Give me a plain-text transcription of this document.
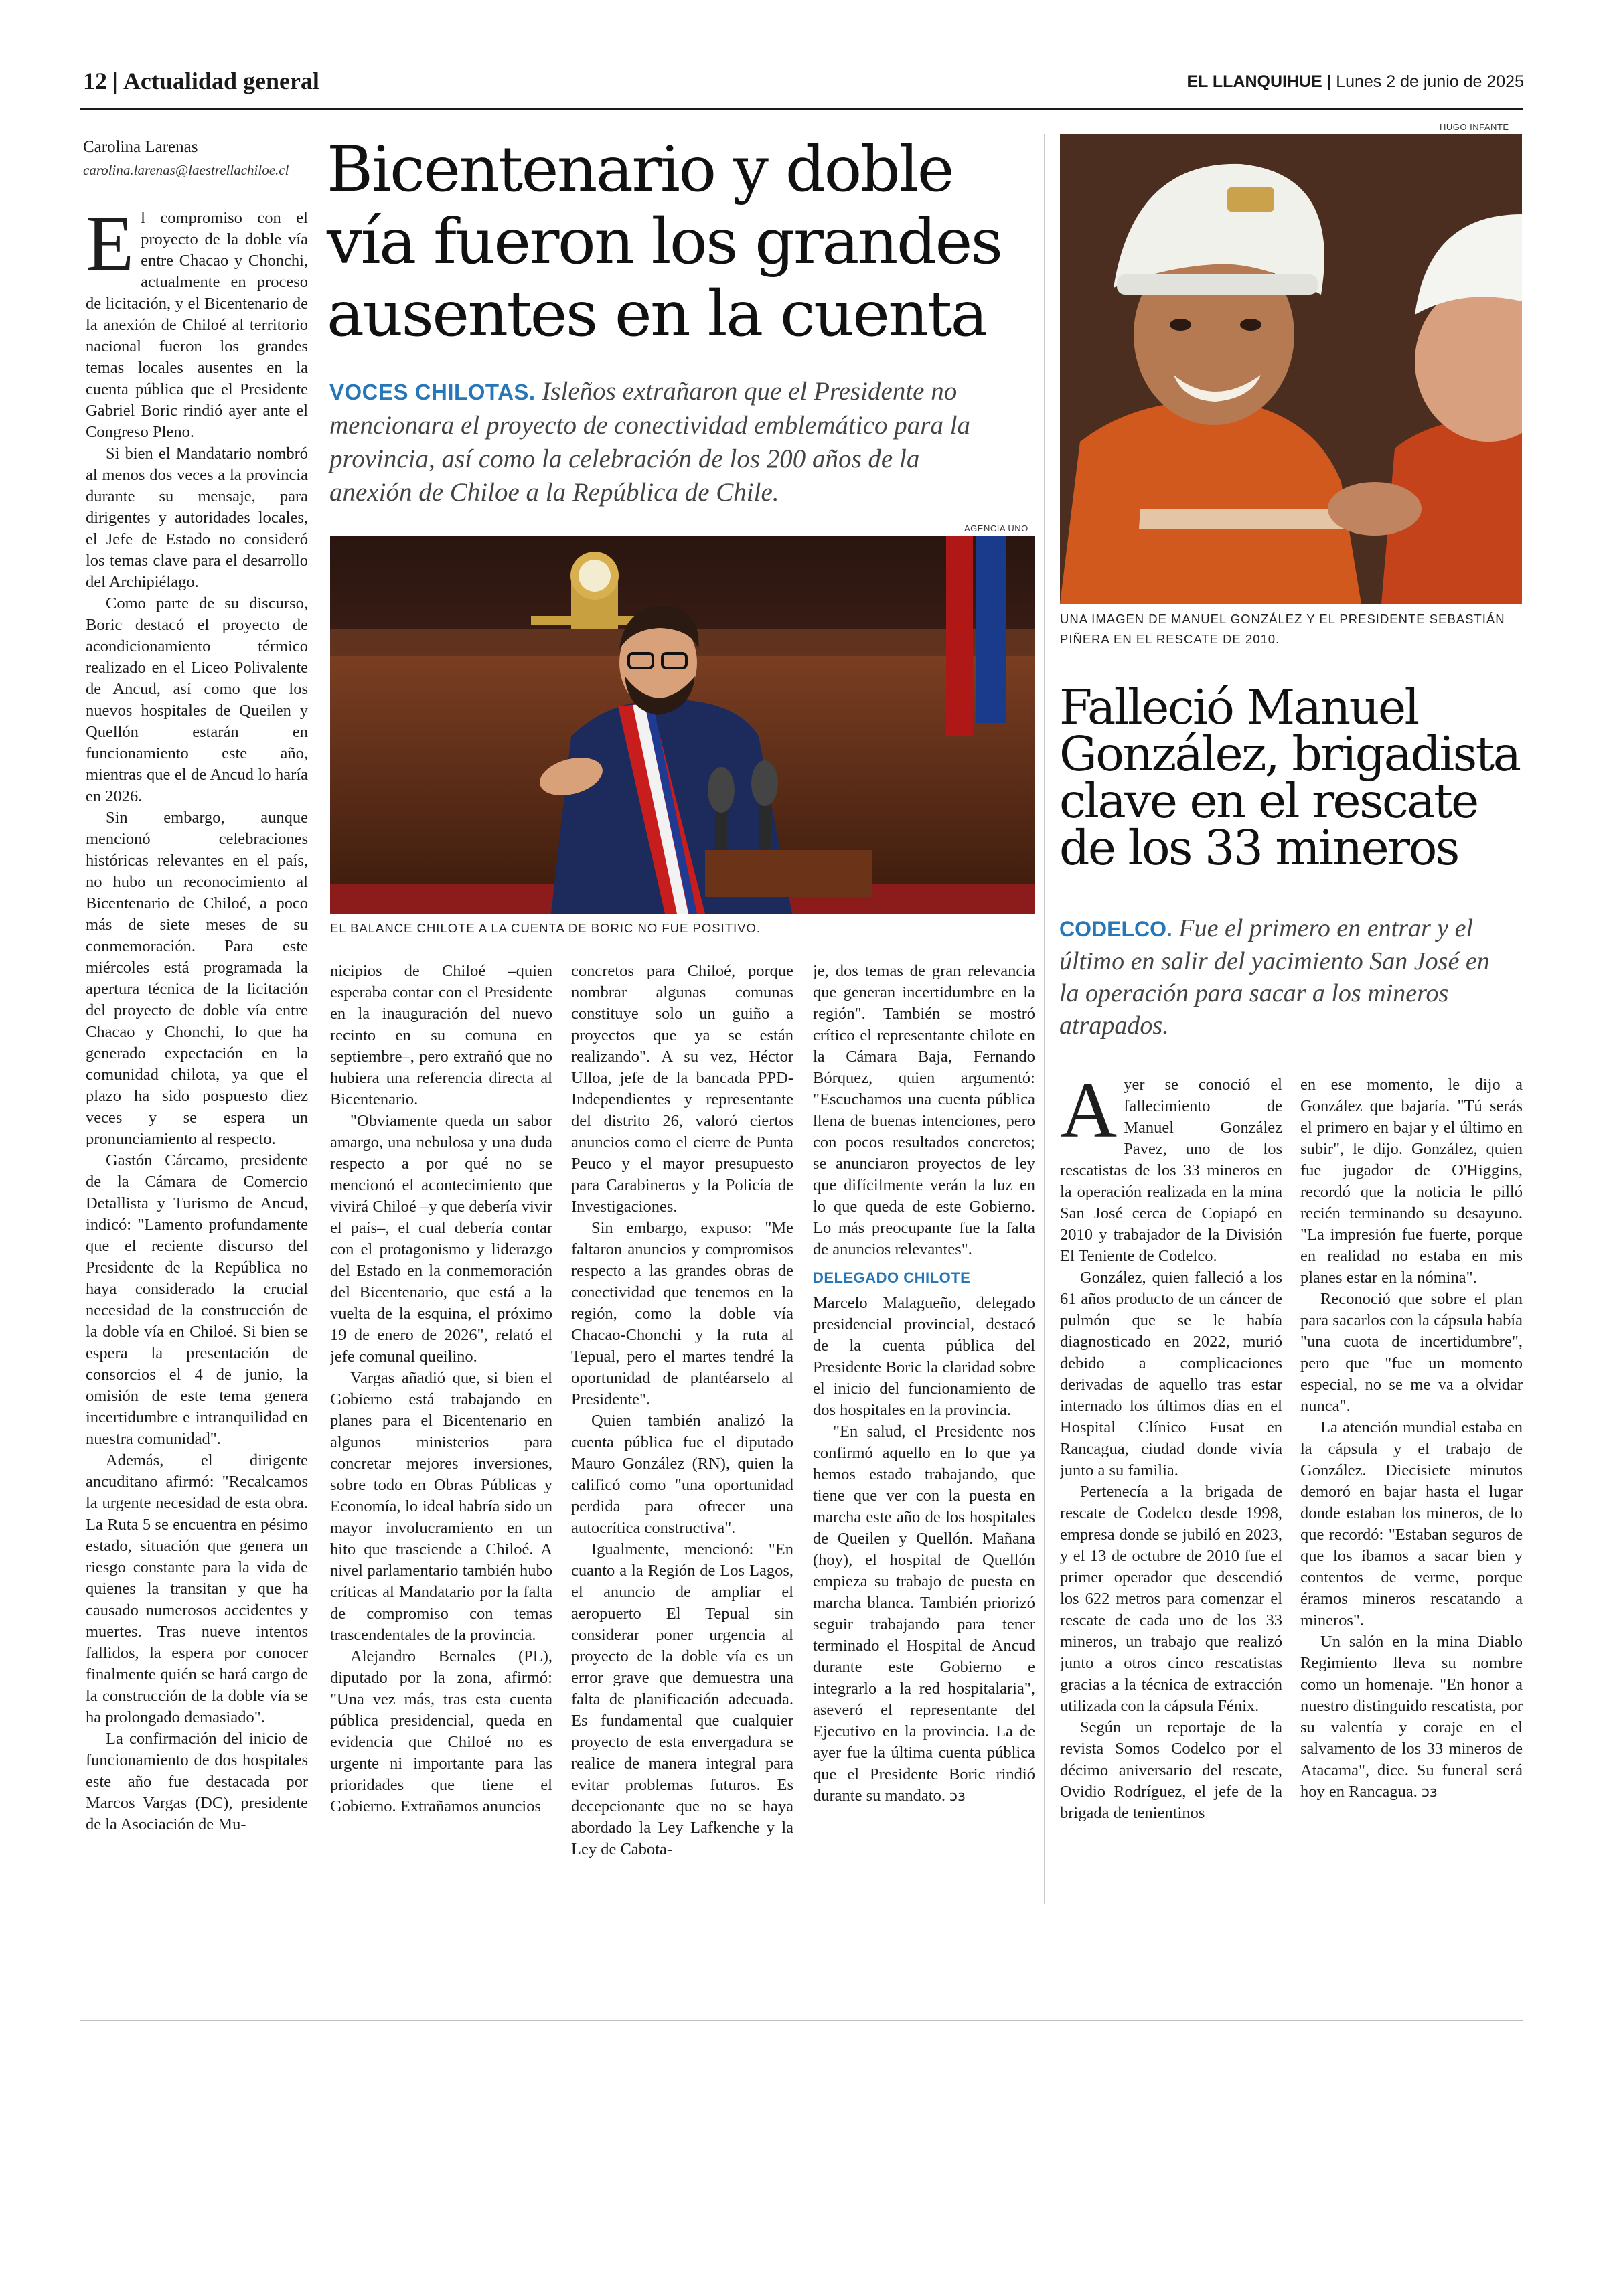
12 | Actualidad general	EL LLANQUIHUE | Lunes 2 de junio de 2025
Carolina Larenas
carolina.larenas@laestrellachiloe.cl Bicentenario y doble vía fueron los grandes ausentes en la cuenta
VOCES CHILOTAS. Isleños extrañaron que el Presidente no mencionara el proyecto de conectividad emblemático para la provincia, así como la celebración de los 200 años de la anexión de Chiloe a la República de Chile.
AGENCIA UNO
EL BALANCE CHILOTE A LA CUENTA DE BORIC NO FUE POSITIVO.

El compromiso con el proyecto de la doble vía entre Chacao y Chonchi, actualmente en proceso de licitación, y el Bicentenario de la anexión de Chiloé al territorio nacional fueron los grandes temas locales ausentes en la cuenta pública que el Presidente Gabriel Boric rindió ayer ante el Congreso Pleno.

Si bien el Mandatario nombró al menos dos veces a la provincia durante su mensaje, para dirigentes y autoridades locales, el Jefe de Estado no consideró los temas clave para el desarrollo del Archipiélago.

Como parte de su discurso, Boric destacó el proyecto de acondicionamiento térmico realizado en el Liceo Polivalente de Ancud, así como que los nuevos hospitales de Queilen y Quellón estarán en funcionamiento este año, mientras que el de Ancud lo haría en 2026.

Sin embargo, aunque mencionó celebraciones históricas relevantes en el país, no hubo un reconocimiento al Bicentenario de Chiloé, a poco más de siete meses de su conmemoración. Para este miércoles está programada la apertura técnica de la licitación del proyecto de doble vía entre Chacao y Chonchi, lo que ha generado expectación en la comunidad chilota, ya que el plazo ha sido pospuesto diez veces y se espera un pronunciamiento al respecto.

Gastón Cárcamo, presidente de la Cámara de Comercio Detallista y Turismo de Ancud, indicó: "Lamento profundamente que el reciente discurso del Presidente de la República no haya considerado la crucial necesidad de la construcción de la doble vía en Chiloé. Si bien se espera la presentación de consorcios el 4 de junio, la omisión de este tema genera incertidumbre e intranquilidad en nuestra comunidad".

Además, el dirigente ancuditano afirmó: "Recalcamos la urgente necesidad de esta obra. La Ruta 5 se encuentra en pésimo estado, situación que genera un riesgo constante para la vida de quienes la transitan y que ha causado numerosos accidentes y muertes. Tras nueve intentos fallidos, la espera por conocer finalmente quién se hará cargo de la construcción de la doble vía se ha prolongado demasiado".

La confirmación del inicio de funcionamiento de dos hospitales este año fue destacada por Marcos Vargas (DC), presidente de la Asociación de Mu-

nicipios de Chiloé –quien esperaba contar con el Presidente en la inauguración del nuevo recinto en su comuna en septiembre–, pero extrañó que no hubiera una referencia directa al Bicentenario.

"Obviamente queda un sabor amargo, una nebulosa y una duda respecto a por qué no se mencionó el acontecimiento que vivirá Chiloé –y que debería vivir el país–, el cual debería contar con el protagonismo y liderazgo del Estado en la conmemoración del Bicentenario, que está a la vuelta de la esquina, el próximo 19 de enero de 2026", relató el jefe comunal queilino.

Vargas añadió que, si bien el Gobierno está trabajando en planes para el Bicentenario en algunos ministerios para concretar mejores inversiones, sobre todo en Obras Públicas y Economía, lo ideal habría sido un mayor involucramiento en un hito que trasciende a Chiloé. A nivel parlamentario también hubo críticas al Mandatario por la falta de compromiso con temas trascendentales de la provincia.

Alejandro Bernales (PL), diputado por la zona, afirmó: "Una vez más, tras esta cuenta pública presidencial, queda en evidencia que Chiloé no es urgente ni importante para las prioridades que tiene el Gobierno. Extrañamos anuncios

concretos para Chiloé, porque nombrar algunas comunas constituye solo un guiño a proyectos que ya se están realizando". A su vez, Héctor Ulloa, jefe de la bancada PPD-Independientes y representante del distrito 26, valoró ciertos anuncios como el cierre de Punta Peuco y el mayor presupuesto para Carabineros y la Policía de Investigaciones.

Sin embargo, expuso: "Me faltaron anuncios y compromisos respecto a las grandes obras de conectividad que tenemos en la región, como la doble vía Chacao-Chonchi y la ruta al Tepual, pero el martes tendré la oportunidad de plantéarselo al Presidente".

Quien también analizó la cuenta pública fue el diputado Mauro González (RN), quien la calificó como "una oportunidad perdida para ofrecer una autocrítica constructiva".

Igualmente, mencionó: "En cuanto a la Región de Los Lagos, el anuncio de ampliar el aeropuerto El Tepual sin considerar poner urgencia al proyecto de la doble vía es un error grave que demuestra una falta de planificación adecuada. Es fundamental que cualquier proyecto de esta envergadura se realice de manera integral para evitar problemas futuros. Es decepcionante que no se haya abordado la Ley Lafkenche y la Ley de Cabota-

je, dos temas de gran relevancia que generan incertidumbre en la región". También se mostró crítico el representante chilote en la Cámara Baja, Fernando Bórquez, quien argumentó: "Escuchamos una cuenta pública llena de buenas intenciones, pero con pocos resultados concretos; se anunciaron proyectos de ley que difícilmente verán la luz en lo que queda de este Gobierno. Lo más preocupante fue la falta de anuncios relevantes".

DELEGADO CHILOTE

Marcelo Malagueño, delegado presidencial provincial, destacó de la cuenta pública del Presidente Boric la claridad sobre el inicio del funcionamiento de dos hospitales en la provincia.

"En salud, el Presidente nos confirmó aquello en lo que ya hemos estado trabajando, que tiene que ver con la puesta en marcha este año de los hospitales de Queilen y Quellón. Mañana (hoy), el hospital de Quellón empieza su trabajo de puesta en marcha blanca. También priorizó seguir trabajando para tener terminado el Hospital de Ancud durante este Gobierno e integrarlo a la red hospitalaria", aseveró el representante del Ejecutivo en la provincia. La de ayer fue la última cuenta pública que el Presidente Boric rindió durante su mandato. ↄз

HUGO INFANTE
UNA IMAGEN DE MANUEL GONZÁLEZ Y EL PRESIDENTE SEBASTIÁN PIÑERA EN EL RESCATE DE 2010.
Falleció Manuel González, brigadista clave en el rescate de los 33 mineros
CODELCO. Fue el primero en entrar y el último en salir del yacimiento San José en la operación para sacar a los mineros atrapados.

Ayer se conoció el fallecimiento de Manuel González Pavez, uno de los rescatistas de los 33 mineros en la operación realizada en la mina San José cerca de Copiapó en 2010 y trabajador de la División El Teniente de Codelco.

González, quien falleció a los 61 años producto de un cáncer de pulmón que se le había diagnosticado en 2022, murió debido a complicaciones derivadas de aquello tras estar internado los últimos días en el Hospital Clínico Fusat en Rancagua, ciudad donde vivía junto a su familia.

Pertenecía a la brigada de rescate de Codelco desde 1998, empresa donde se jubiló en 2023, y el 13 de octubre de 2010 fue el primer operador que descendió los 622 metros para comenzar el rescate de cada uno de los 33 mineros, un trabajo que realizó junto a otros cinco rescatistas gracias a la técnica de extracción utilizada con la cápsula Fénix.

Según un reportaje de la revista Somos Codelco por el décimo aniversario del rescate, Ovidio Rodríguez, el jefe de la brigada de tenientinos

en ese momento, le dijo a González que bajaría. "Tú serás el primero en bajar y el último en subir", le dijo. González, quien fue jugador de O'Higgins, recordó que la noticia le pilló recién terminando su desayuno. "La impresión fue fuerte, porque en realidad no estaba en mis planes estar en la nómina".

Reconoció que sobre el plan para sacarlos con la cápsula había "una cuota de incertidumbre", pero que "fue un momento especial, no se me va a olvidar nunca".

La atención mundial estaba en la cápsula y el trabajo de González. Diecisiete minutos demoró en bajar hasta el lugar donde estaban los mineros, de lo que recordó: "Estaban seguros de que los íbamos a sacar bien y contentos de verme, porque éramos mineros rescatando a mineros".

Un salón en la mina Diablo Regimiento lleva su nombre como un homenaje. "En honor a nuestro distinguido rescatista, por su valentía y coraje en el salvamento de los 33 mineros de Atacama", dice. Su funeral será hoy en Rancagua. ↄз
